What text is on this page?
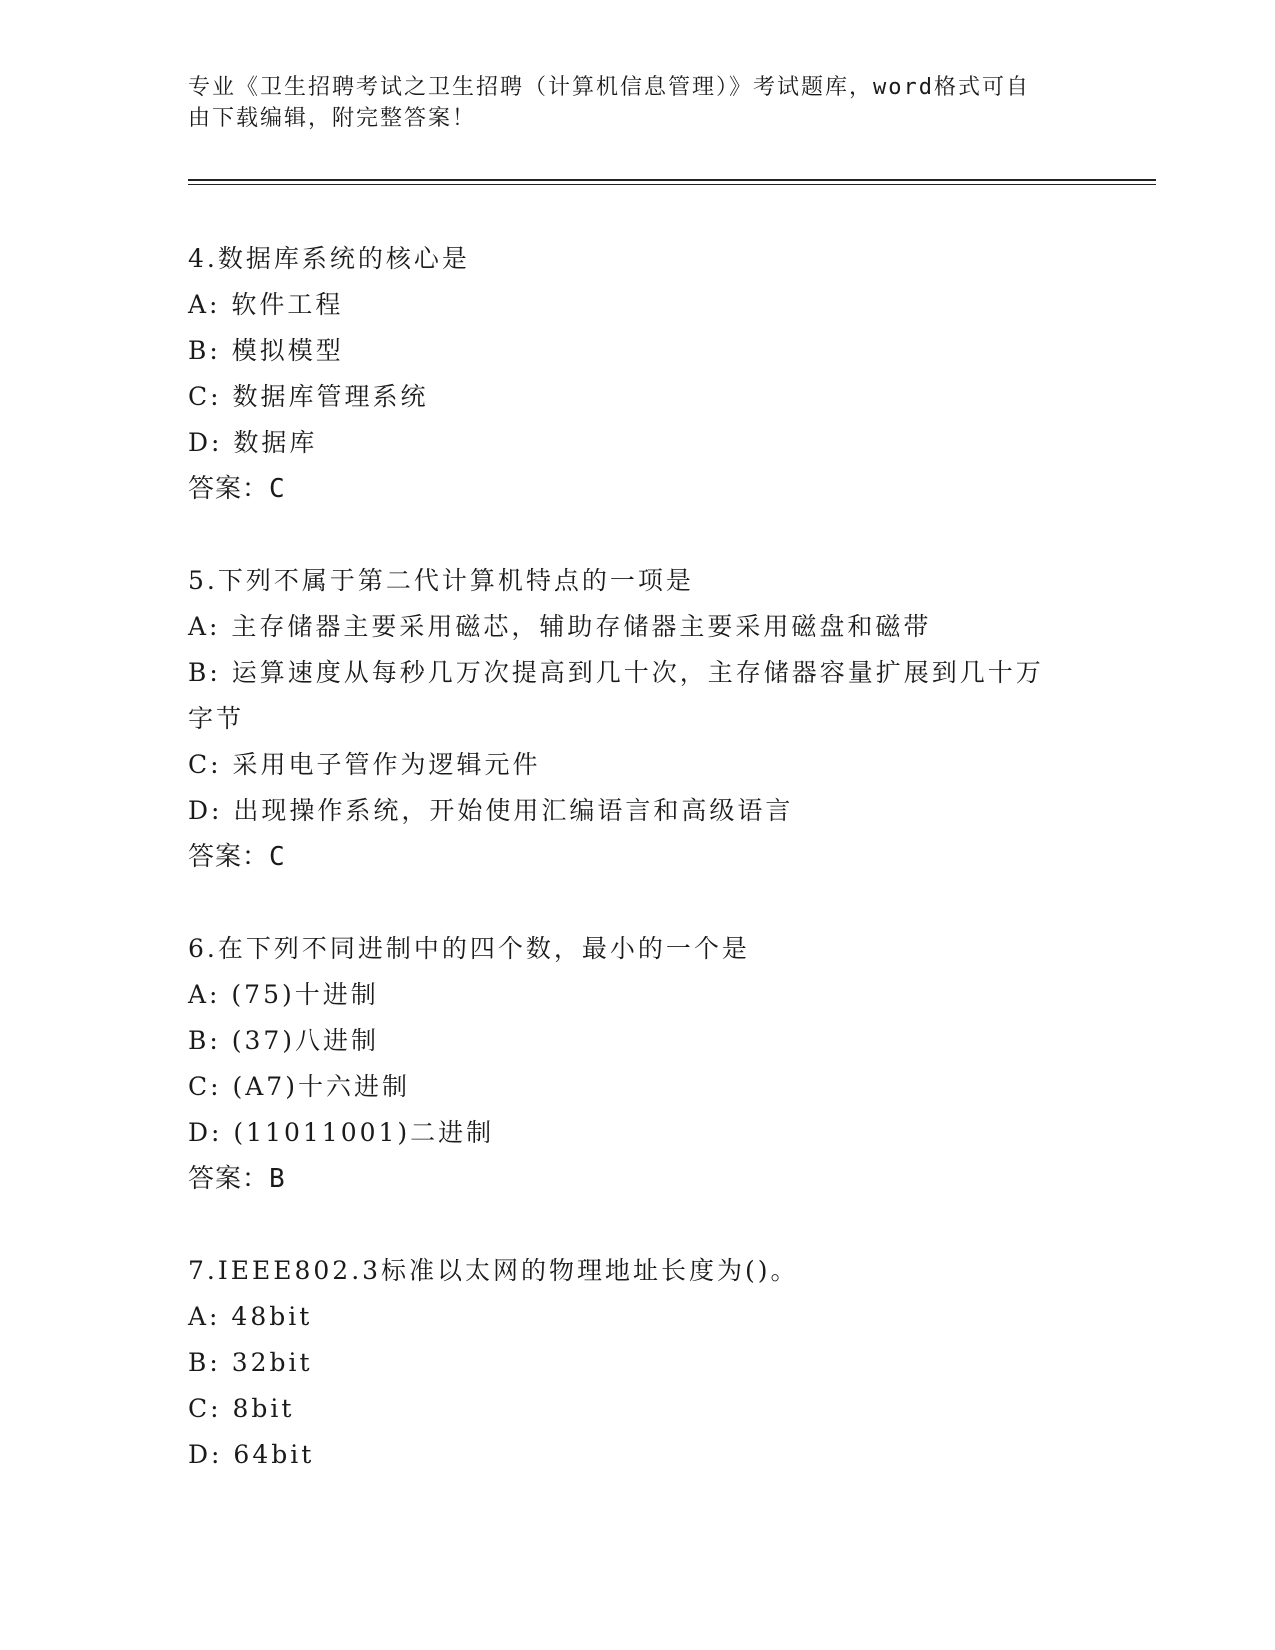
专业《卫生招聘考试之卫生招聘（计算机信息管理）》考试题库，word格式可自
由下载编辑，附完整答案！
4.数据库系统的核心是
A: 软件工程
B: 模拟模型
C: 数据库管理系统
D: 数据库
答案：C
5.下列不属于第二代计算机特点的一项是
A: 主存储器主要采用磁芯，辅助存储器主要采用磁盘和磁带
B: 运算速度从每秒几万次提高到几十次，主存储器容量扩展到几十万字节
C: 采用电子管作为逻辑元件
D: 出现操作系统，开始使用汇编语言和高级语言
答案：C
6.在下列不同进制中的四个数，最小的一个是
A: (75)十进制
B: (37)八进制
C: (A7)十六进制
D: (11011001)二进制
答案：B
7.IEEE802.3标准以太网的物理地址长度为()。
A: 48bit
B: 32bit
C: 8bit
D: 64bit
